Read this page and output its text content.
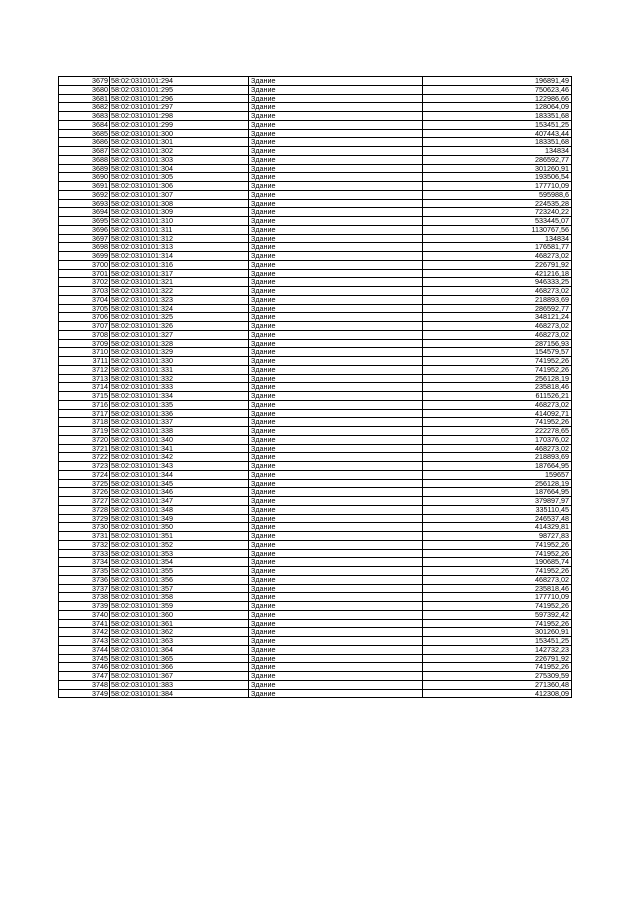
3679	58:02:0310101:294	Здание	196891,49
3680	58:02:0310101:295	Здание	750623,46
3681	58:02:0310101:296	Здание	122986,66
3682	58:02:0310101:297	Здание	128064,09
3683	58:02:0310101:298	Здание	183351,68
3684	58:02:0310101:299	Здание	153451,25
3685	58:02:0310101:300	Здание	407443,44
3686	58:02:0310101:301	Здание	183351,68
3687	58:02:0310101:302	Здание	134834
3688	58:02:0310101:303	Здание	286592,77
3689	58:02:0310101:304	Здание	301260,91
3690	58:02:0310101:305	Здание	193506,54
3691	58:02:0310101:306	Здание	177710,09
3692	58:02:0310101:307	Здание	595988,6
3693	58:02:0310101:308	Здание	224535,28
3694	58:02:0310101:309	Здание	723240,22
3695	58:02:0310101:310	Здание	533445,07
3696	58:02:0310101:311	Здание	1130767,56
3697	58:02:0310101:312	Здание	134834
3698	58:02:0310101:313	Здание	176581,77
3699	58:02:0310101:314	Здание	468273,02
3700	58:02:0310101:316	Здание	226791,92
3701	58:02:0310101:317	Здание	421216,18
3702	58:02:0310101:321	Здание	946333,25
3703	58:02:0310101:322	Здание	468273,02
3704	58:02:0310101:323	Здание	218893,69
3705	58:02:0310101:324	Здание	286592,77
3706	58:02:0310101:325	Здание	348121,24
3707	58:02:0310101:326	Здание	468273,02
3708	58:02:0310101:327	Здание	468273,02
3709	58:02:0310101:328	Здание	287156,93
3710	58:02:0310101:329	Здание	154579,57
3711	58:02:0310101:330	Здание	741952,26
3712	58:02:0310101:331	Здание	741952,26
3713	58:02:0310101:332	Здание	256128,19
3714	58:02:0310101:333	Здание	235818,46
3715	58:02:0310101:334	Здание	611526,21
3716	58:02:0310101:335	Здание	468273,02
3717	58:02:0310101:336	Здание	414092,71
3718	58:02:0310101:337	Здание	741952,26
3719	58:02:0310101:338	Здание	222278,65
3720	58:02:0310101:340	Здание	170376,02
3721	58:02:0310101:341	Здание	468273,02
3722	58:02:0310101:342	Здание	218893,69
3723	58:02:0310101:343	Здание	187664,95
3724	58:02:0310101:344	Здание	159657
3725	58:02:0310101:345	Здание	256128,19
3726	58:02:0310101:346	Здание	187664,95
3727	58:02:0310101:347	Здание	379897,97
3728	58:02:0310101:348	Здание	335110,45
3729	58:02:0310101:349	Здание	246537,48
3730	58:02:0310101:350	Здание	414329,81
3731	58:02:0310101:351	Здание	98727,83
3732	58:02:0310101:352	Здание	741952,26
3733	58:02:0310101:353	Здание	741952,26
3734	58:02:0310101:354	Здание	190685,74
3735	58:02:0310101:355	Здание	741952,26
3736	58:02:0310101:356	Здание	468273,02
3737	58:02:0310101:357	Здание	235818,46
3738	58:02:0310101:358	Здание	177710,09
3739	58:02:0310101:359	Здание	741952,26
3740	58:02:0310101:360	Здание	597392,42
3741	58:02:0310101:361	Здание	741952,26
3742	58:02:0310101:362	Здание	301260,91
3743	58:02:0310101:363	Здание	153451,25
3744	58:02:0310101:364	Здание	142732,23
3745	58:02:0310101:365	Здание	226791,92
3746	58:02:0310101:366	Здание	741952,26
3747	58:02:0310101:367	Здание	275309,59
3748	58:02:0310101:383	Здание	271360,48
3749	58:02:0310101:384	Здание	412308,09
